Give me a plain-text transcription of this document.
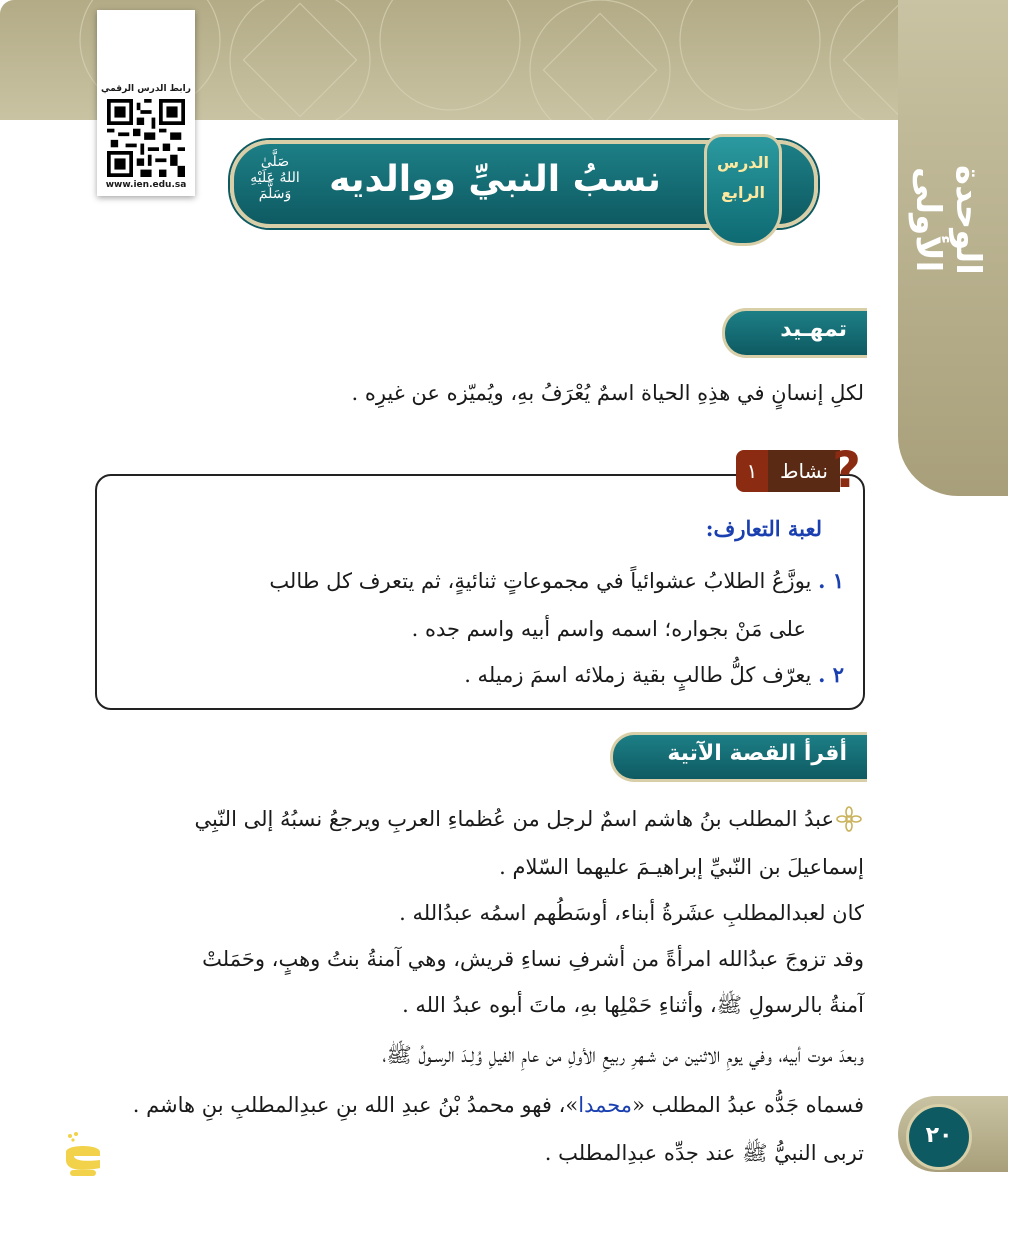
الوحدة الأولى
رابط الدرس الرقمي
www.ien.edu.sa
صَلَّىٰ اللهُ عَلَيْهِ وَسَلَّمَ	نسبُ النبيِّ ووالديه	الدرس
الرابع
تمهـيد
لكلِ إنسانٍ في هذِهِ الحياة اسمٌ يُعْرَفُ بهِ، ويُميّزه عن غيرِه .
١	نشاط ?
لعبة التعارف:
١ . يوزَّعُ الطلابُ عشوائياً في مجموعاتٍ ثنائيةٍ، ثم يتعرف كل طالب
على مَنْ بجواره؛ اسمه واسم أبيه واسم جده .
٢ . يعرّف كلُّ طالبٍ بقية زملائه اسمَ زميله .
أقرأ القصة الآتية
عبدُ المطلب بنُ هاشم اسمٌ لرجل من عُظماءِ العربِ ويرجعُ نسبُهُ إلى النّبِي
إسماعيلَ بن النّبيِّ إبراهيـمَ عليهما السّلام .
كان لعبدالمطلبِ عشَرةُ أبناء، أوسَطُهم اسمُه عبدُالله .
وقد تزوجَ عبدُالله امرأةً من أشرفِ نساءِ قريش، وهي آمنةُ بنتُ وهبٍ، وحَمَلتْ
آمنةُ بالرسولِ ﷺ، وأثناءِ حَمْلِها بهِ، ماتَ أبوه عبدُ الله .
وبعدَ موت أبيه، وفي يومِ الاثنين من شـهرِ ربيعِ الأولِ من عامِ الفيلِ وُلِـدَ الرسـولُ ﷺ،
فسماه جَدُّه عبدُ المطلب «محمدا»، فهو محمدُ بْنُ عبدِ الله بنِ عبدِالمطلبِ بنِ هاشم .
تربى النبيُّ ﷺ عند جدِّه عبدِالمطلب .
٢٠
